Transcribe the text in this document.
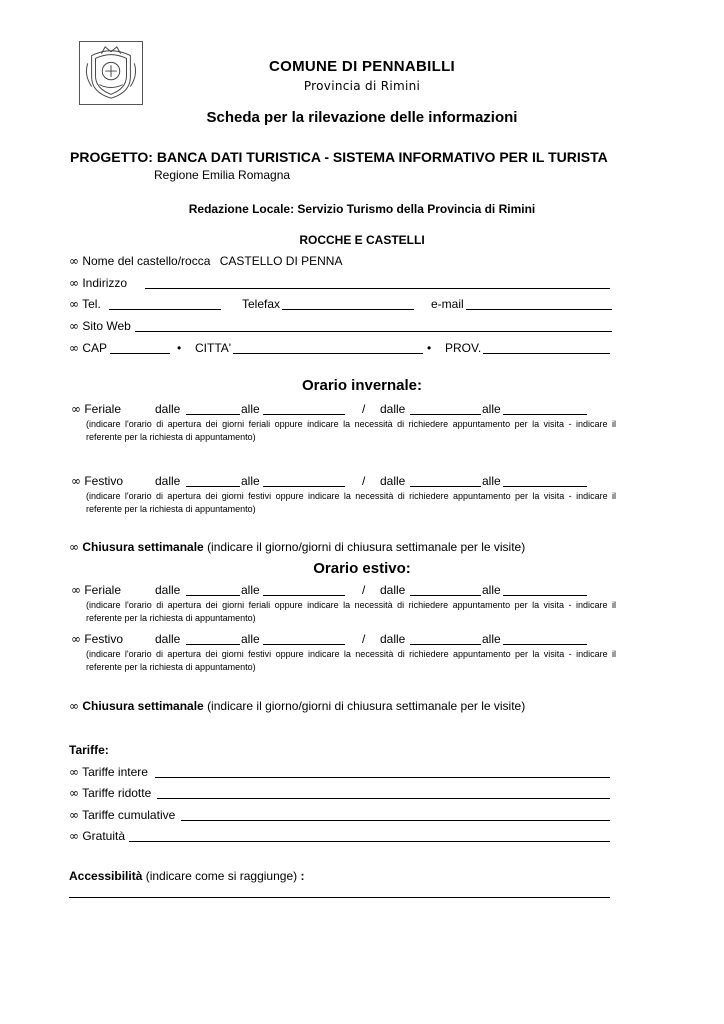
COMUNE DI PENNABILLI
Provincia di Rimini
Scheda per la rilevazione delle informazioni
PROGETTO: BANCA DATI TURISTICA - SISTEMA INFORMATIVO PER IL TURISTA
Regione Emilia Romagna
Redazione Locale: Servizio Turismo della Provincia di Rimini
ROCCHE E CASTELLI
∞ Nome del castello/rocca CASTELLO DI PENNA
∞ Indirizzo
∞ Tel.	Telefax	e-mail
∞ Sito Web
∞ CAP	• CITTA'	• PROV.
Orario invernale:
∞ Feriale	dalle	alle	/ dalle	alle
(indicare l'orario di apertura dei giorni feriali oppure indicare la necessità di richiedere appuntamento per la visita - indicare il referente per la richiesta di appuntamento)
∞ Festivo	dalle	alle	/ dalle	alle
(indicare l'orario di apertura dei giorni festivi oppure indicare la necessità di richiedere appuntamento per la visita - indicare il referente per la richiesta di appuntamento)
∞ Chiusura settimanale (indicare il giorno/giorni di chiusura settimanale per le visite)
Orario estivo:
∞ Feriale	dalle	alle	/ dalle	alle
(indicare l'orario di apertura dei giorni feriali oppure indicare la necessità di richiedere appuntamento per la visita - indicare il referente per la richiesta di appuntamento)
∞ Festivo	dalle	alle	/ dalle	alle
(indicare l'orario di apertura dei giorni festivi oppure indicare la necessità di richiedere appuntamento per la visita - indicare il referente per la richiesta di appuntamento)
∞ Chiusura settimanale (indicare il giorno/giorni di chiusura settimanale per le visite)
Tariffe:
∞ Tariffe intere
∞ Tariffe ridotte
∞ Tariffe cumulative
∞ Gratuità
Accessibilità (indicare come si raggiunge) :
